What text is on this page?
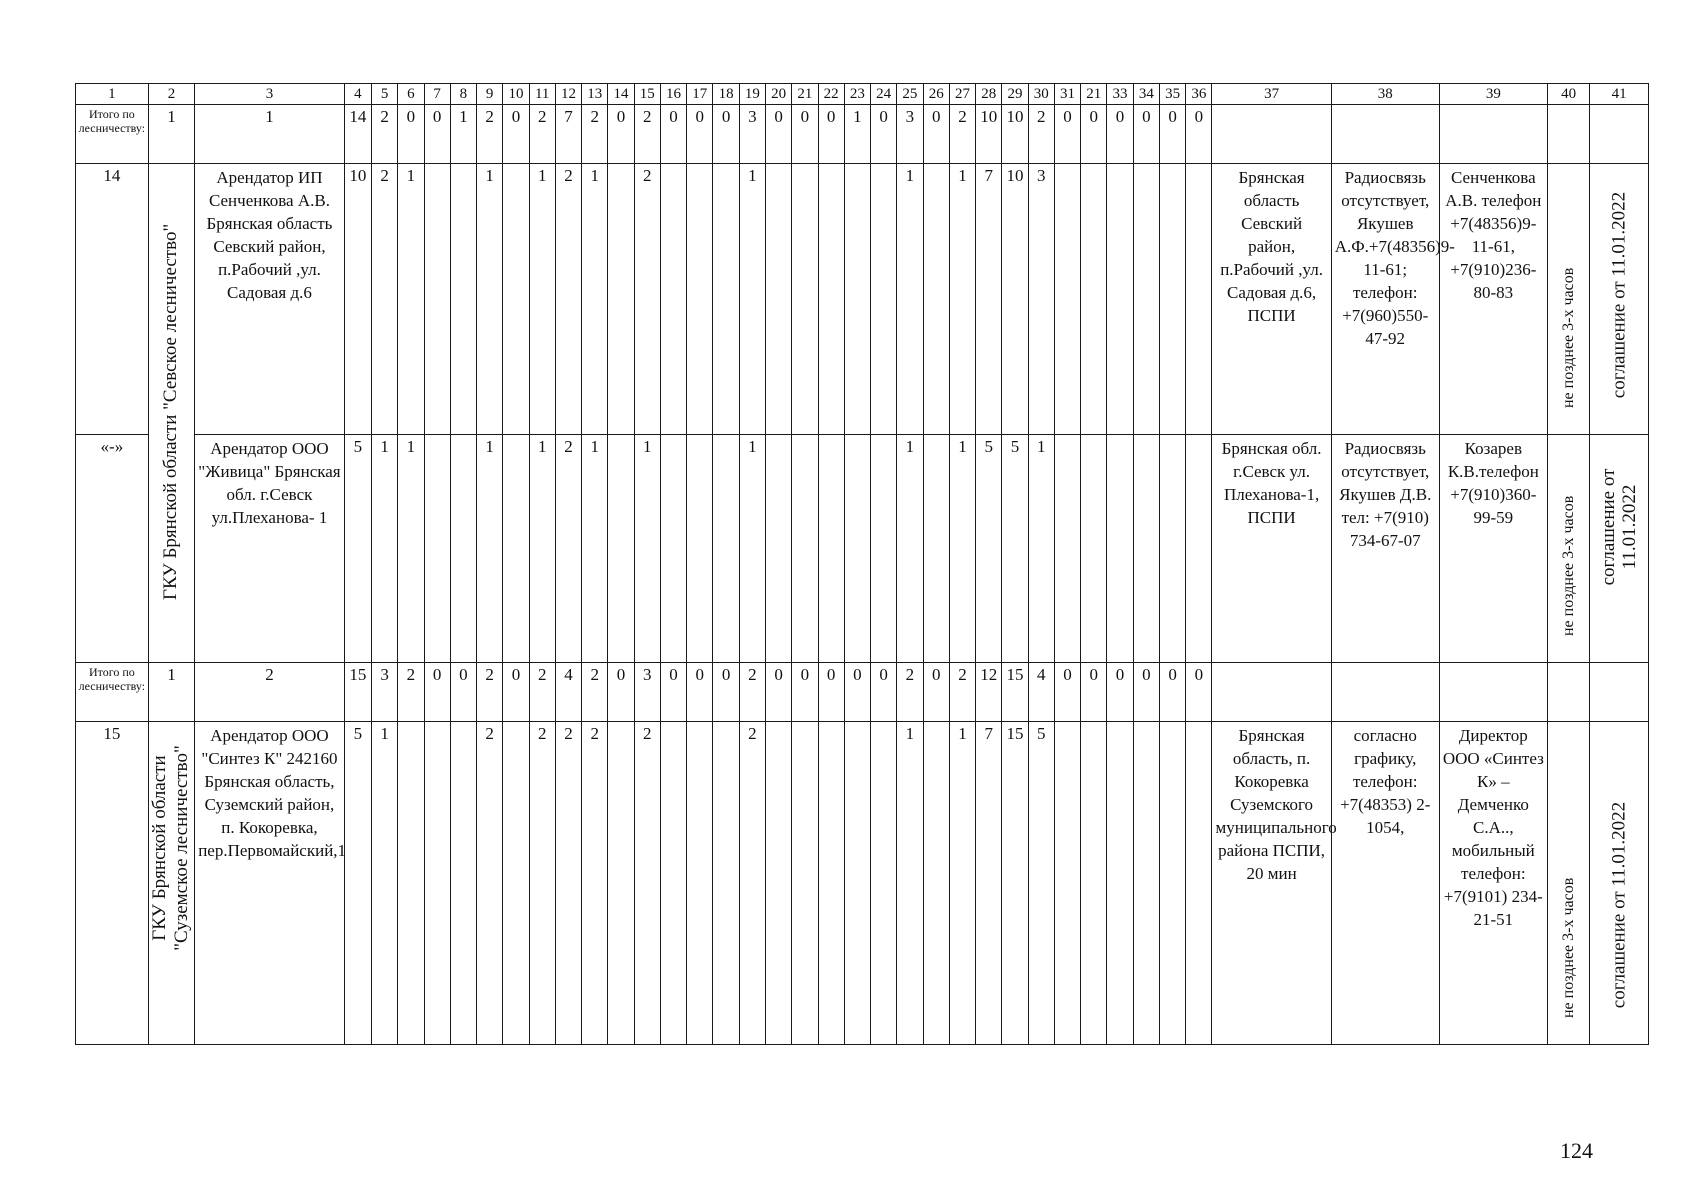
1	2	3	4	5	6	7	8	9	10	11	12	13	14	15	16	17	18	19	20	21	22	23	24	25	26	27	28	29	30	31	21	33	34	35	36	37	38	39	40	41
Итого по лесничеству:	1	1	14	2	0	0	1	2	0	2	7	2	0	2	0	0	0	3	0	0	0	1	0	3	0	2	10	10	2	0	0	0	0	0	0					
14	ГКУ Брянской области "Севское лесничество"	Арендатор ИП Сенченкова А.В. Брянская область Севский район, п.Рабочий ,ул. Садовая д.6	10	2	1			1		1	2	1		2				1						1		1	7	10	3							Брянская область Севский район, п.Рабочий ,ул. Садовая д.6, ПСПИ	Радиосвязь отсутствует, Якушев А.Ф.+7(48356)9-11-61; телефон: +7(960)550-47-92	Сенченкова А.В. телефон +7(48356)9-11-61, +7(910)236-80-83	не позднее 3-х часов	соглашение от 11.01.2022

«-»		Арендатор ООО "Живица" Брянская обл. г.Севск ул.Плеханова- 1	5	1	1			1		1	2	1		1				1						1		1	5	5	1							Брянская обл. г.Севск ул. Плеханова-1, ПСПИ	Радиосвязь отсутствует, Якушев Д.В. тел: +7(910) 734-67-07	Козарев К.В.телефон +7(910)360-99-59	не позднее 3-х часов	соглашение от 11.01.2022

Итого по лесничеству:	1	2	15	3	2	0	0	2	0	2	4	2	0	3	0	0	0	2	0	0	0	0	0	2	0	2	12	15	4	0	0	0	0	0	0					
15	ГКУ Брянской области "Суземское лесничество"	Арендатор ООО "Синтез К" 242160 Брянская область, Суземский район, п. Кокоревка, пер.Первомайский,1	5	1				2		2	2	2		2				2						1		1	7	15	5							Брянская область, п. Кокоревка Суземского муниципального района ПСПИ, 20 мин	согласно графику, телефон: +7(48353) 2-1054,	Директор ООО «Синтез К» – Демченко С.А.., мобильный телефон: +7(9101) 234-21-51	не позднее 3-х часов	соглашение от 11.01.2022
124
